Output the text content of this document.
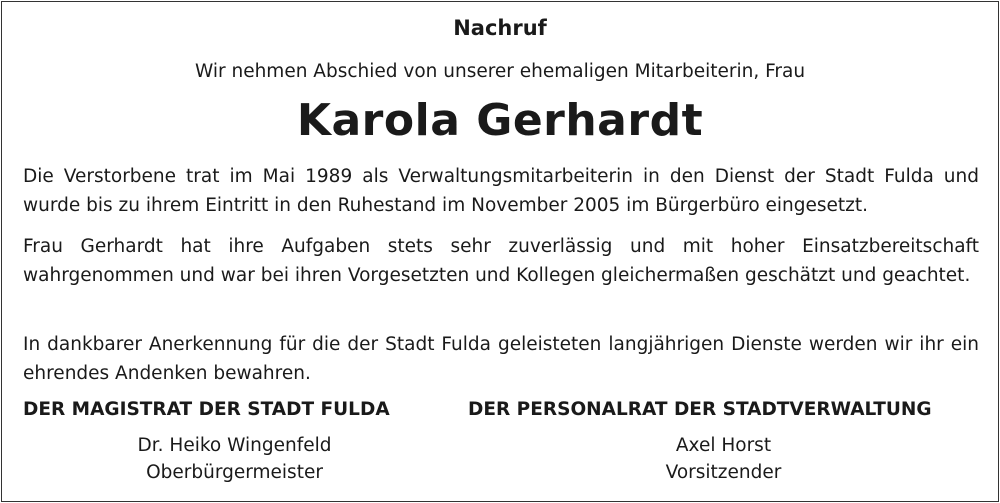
Nachruf
Wir nehmen Abschied von unserer ehemaligen Mitarbeiterin, Frau
Karola Gerhardt
Die Verstorbene trat im Mai 1989 als Verwaltungsmitarbeiterin in den Dienst der Stadt Fulda und wurde bis zu ihrem Eintritt in den Ruhestand im November 2005 im Bürgerbüro eingesetzt.
Frau Gerhardt hat ihre Aufgaben stets sehr zuverlässig und mit hoher Einsatzbereitschaft wahrgenommen und war bei ihren Vorgesetzten und Kollegen gleichermaßen geschätzt und geachtet.
In dankbarer Anerkennung für die der Stadt Fulda geleisteten langjährigen Dienste werden wir ihr ein ehrendes Andenken bewahren.
DER MAGISTRAT DER STADT FULDA	DER PERSONALRAT DER STADTVERWALTUNG
Dr. Heiko Wingenfeld
Oberbürgermeister
Axel Horst
Vorsitzender
